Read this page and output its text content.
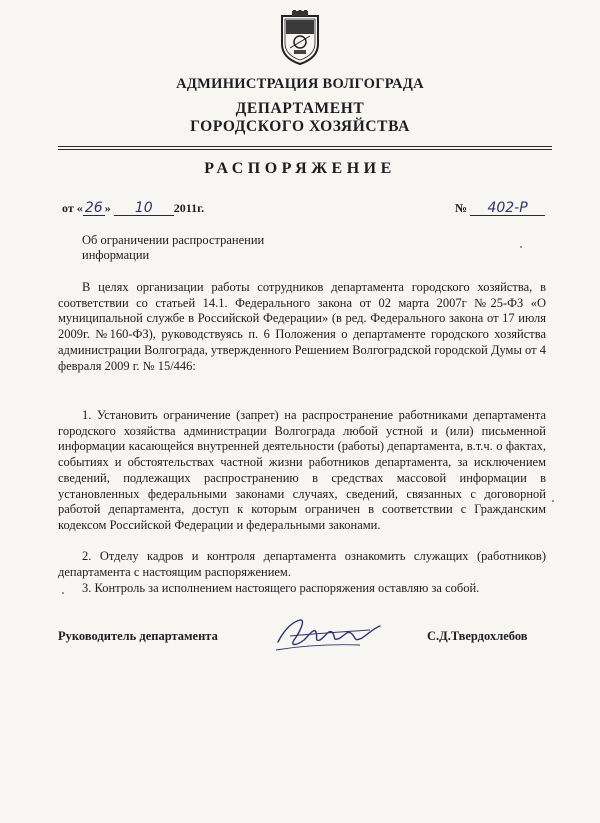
АДМИНИСТРАЦИЯ ВОЛГОГРАДА
ДЕПАРТАМЕНТ
ГОРОДСКОГО ХОЗЯЙСТВА
РАСПОРЯЖЕНИЕ
от « 26 » 10 2011г.	№ 402-Р
Об ограничении распространении
информации

В целях организации работы сотрудников департамента городского хозяйства, в соответствии со статьей 14.1. Федерального закона от 02 марта 2007г №25-ФЗ «О муниципальной службе в Российской Федерации» (в ред. Федерального закона от 17 июля 2009г. №160-ФЗ), руководствуясь п. 6 Положения о департаменте городского хозяйства администрации Волгограда, утвержденного Решением Волгоградской городской Думы от 4 февраля 2009 г. № 15/446:

1. Установить ограничение (запрет) на распространение работниками департамента городского хозяйства администрации Волгограда любой устной и (или) письменной информации касающейся внутренней деятельности (работы) департамента, в.т.ч. о фактах, событиях и обстоятельствах частной жизни работников департамента, за исключением сведений, подлежащих распространению в средствах массовой информации в установленных федеральными законами случаях, сведений, связанных с договорной работой департамента, доступ к которым ограничен в соответствии с Гражданским кодексом Российской Федерации и федеральными законами.

2. Отделу кадров и контроля департамента ознакомить служащих (работников) департамента с настоящим распоряжением.

3. Контроль за исполнением настоящего распоряжения оставляю за собой.

Руководитель департамента	С.Д.Твердохлебов
